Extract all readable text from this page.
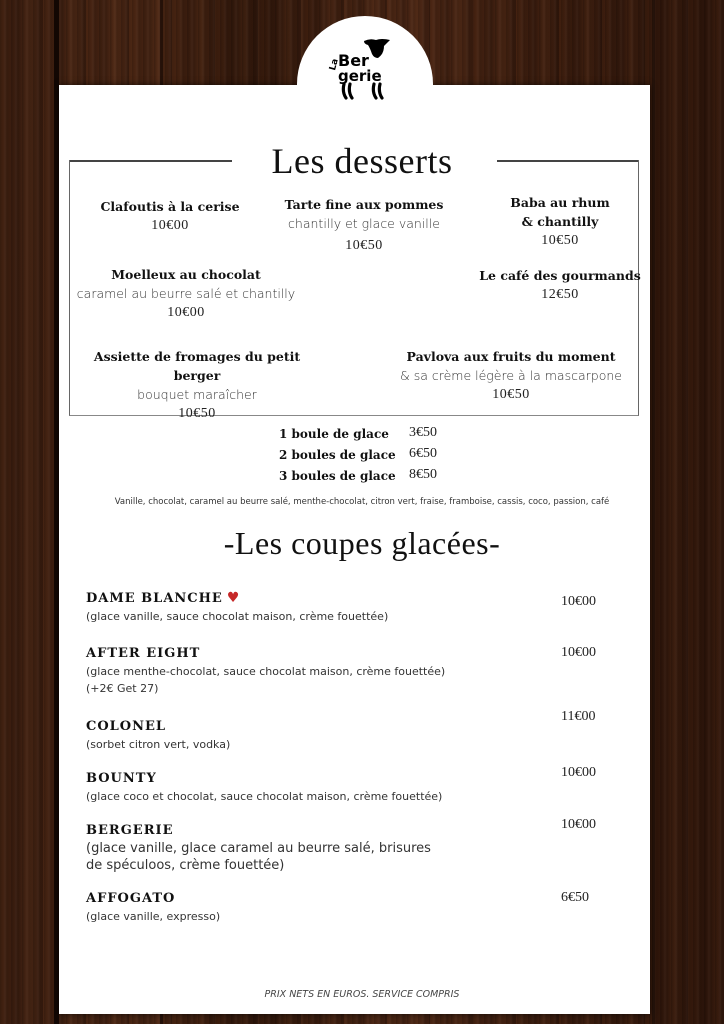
La
Ber
gerie
Les desserts
Clafoutis à la cerise
10€00
Tarte fine aux pommes
chantilly et glace vanille
10€50
Baba au rhum
& chantilly
10€50
Moelleux au chocolat
caramel au beurre salé et chantilly
10€00
Le café des gourmands
12€50
Assiette de fromages du petit berger
bouquet maraîcher
10€50
Pavlova aux fruits du moment
& sa crème légère à la mascarpone
10€50
1 boule de glace 3€50
2 boules de glace 6€50
3 boules de glace 8€50
Vanille, chocolat, caramel au beurre salé, menthe-chocolat, citron vert, fraise, framboise, cassis, coco, passion, café
-Les coupes glacées-
DAME BLANCHE ♥
(glace vanille, sauce chocolat maison, crème fouettée)
10€00
AFTER EIGHT
(glace menthe-chocolat, sauce chocolat maison, crème fouettée)
(+2€ Get 27)
10€00
COLONEL
(sorbet citron vert, vodka)
11€00
BOUNTY
(glace coco et chocolat, sauce chocolat maison, crème fouettée)
10€00
BERGERIE
(glace vanille, glace caramel au beurre salé, brisures de spéculoos, crème fouettée)
10€00
AFFOGATO
(glace vanille, expresso)
6€50
PRIX NETS EN EUROS. SERVICE COMPRIS
